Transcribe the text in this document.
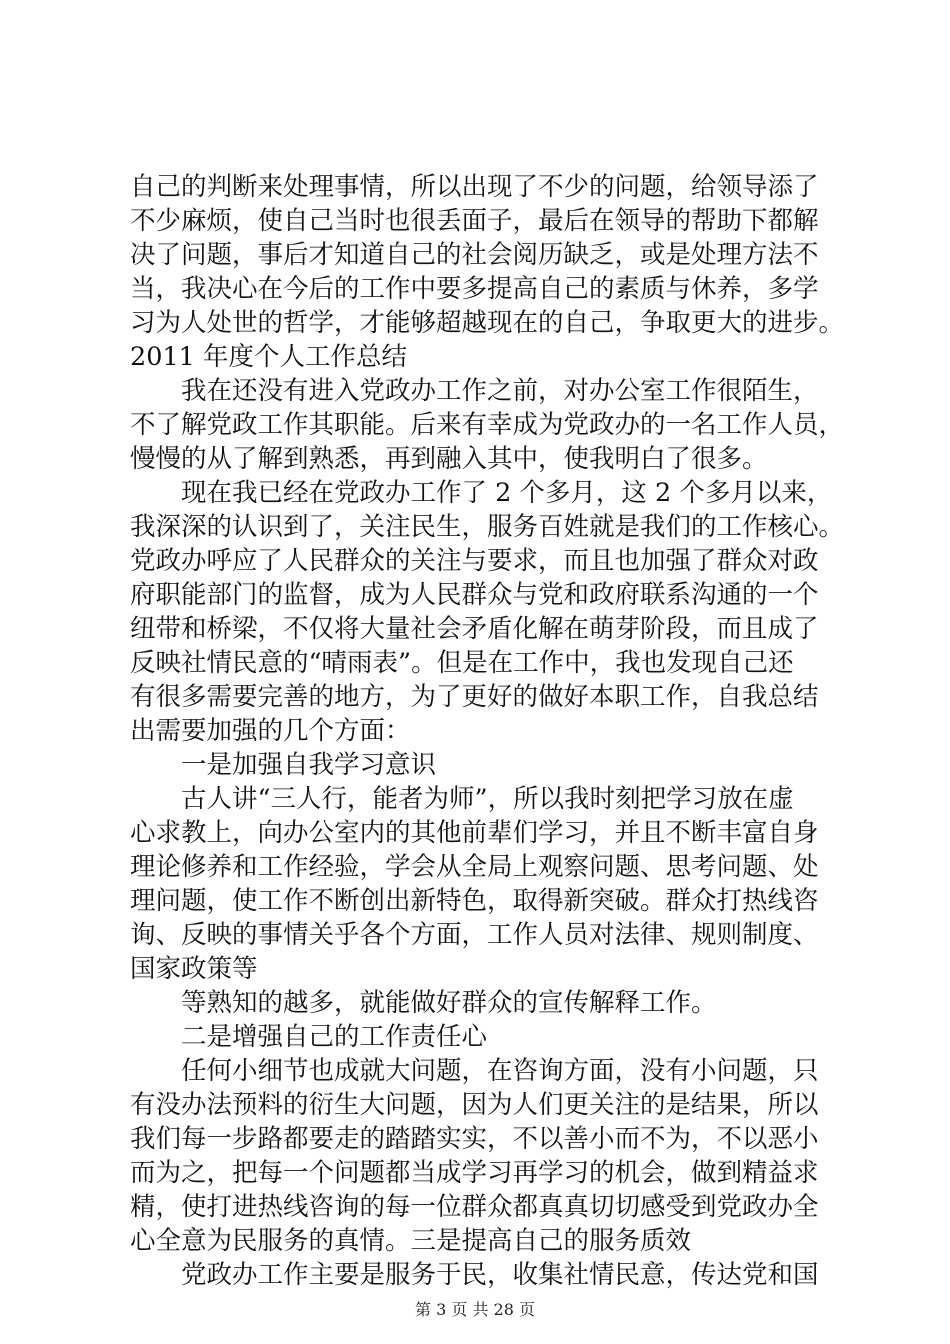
自己的判断来处理事情，所以出现了不少的问题，给领导添了
不少麻烦，使自己当时也很丢面子，最后在领导的帮助下都解
决了问题，事后才知道自己的社会阅历缺乏，或是处理方法不
当，我决心在今后的工作中要多提高自己的素质与休养，多学
习为人处世的哲学，才能够超越现在的自己，争取更大的进步。
2011 年度个人工作总结
我在还没有进入党政办工作之前，对办公室工作很陌生，
不了解党政工作其职能。后来有幸成为党政办的一名工作人员，
慢慢的从了解到熟悉，再到融入其中，使我明白了很多。
现在我已经在党政办工作了 2 个多月，这 2 个多月以来，
我深深的认识到了，关注民生，服务百姓就是我们的工作核心。
党政办呼应了人民群众的关注与要求，而且也加强了群众对政
府职能部门的监督，成为人民群众与党和政府联系沟通的一个
纽带和桥梁，不仅将大量社会矛盾化解在萌芽阶段，而且成了
反映社情民意的“晴雨表”。但是在工作中，我也发现自己还
有很多需要完善的地方，为了更好的做好本职工作，自我总结
出需要加强的几个方面：
一是加强自我学习意识
古人讲“三人行，能者为师”，所以我时刻把学习放在虚
心求教上，向办公室内的其他前辈们学习，并且不断丰富自身
理论修养和工作经验，学会从全局上观察问题、思考问题、处
理问题，使工作不断创出新特色，取得新突破。群众打热线咨
询、反映的事情关乎各个方面，工作人员对法律、规则制度、
国家政策等
等熟知的越多，就能做好群众的宣传解释工作。
二是增强自己的工作责任心
任何小细节也成就大问题，在咨询方面，没有小问题，只
有没办法预料的衍生大问题，因为人们更关注的是结果，所以
我们每一步路都要走的踏踏实实，不以善小而不为，不以恶小
而为之，把每一个问题都当成学习再学习的机会，做到精益求
精，使打进热线咨询的每一位群众都真真切切感受到党政办全
心全意为民服务的真情。三是提高自己的服务质效
党政办工作主要是服务于民，收集社情民意，传达党和国
第 3 页 共 28 页
